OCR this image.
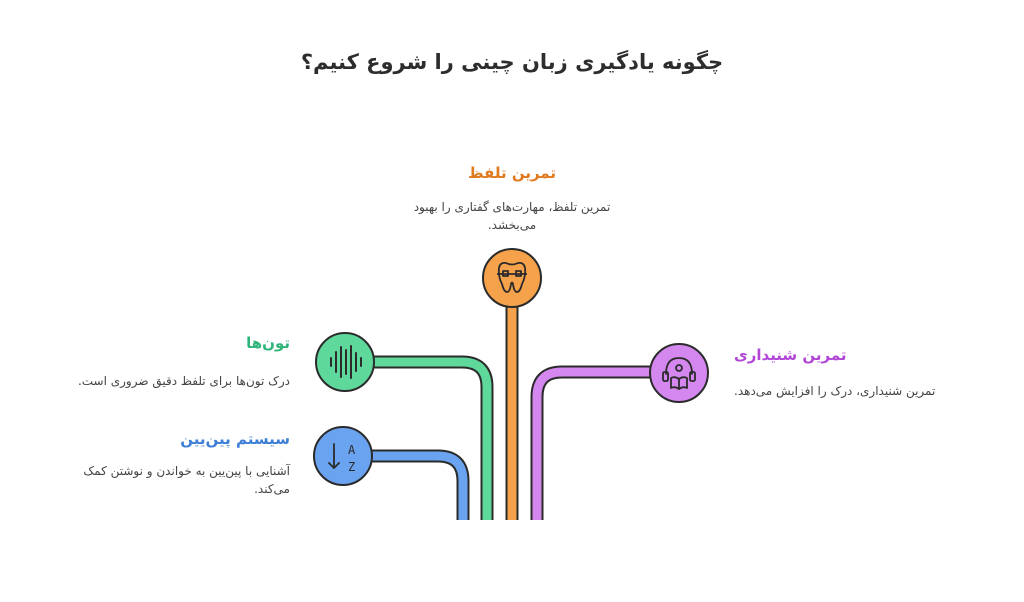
A
Z
چگونه یادگیری زبان چینی را شروع کنیم؟
تمرین تلفظ
تمرین تلفظ، مهارت‌های گفتاری را بهبود می‌بخشد.
تون‌ها
درک تون‌ها برای تلفظ دقیق ضروری است.
سیستم پین‌یین
آشنایی با پین‌یین به خواندن و نوشتن کمک می‌کند.
تمرین شنیداری
تمرین شنیداری، درک را افزایش می‌دهد.
